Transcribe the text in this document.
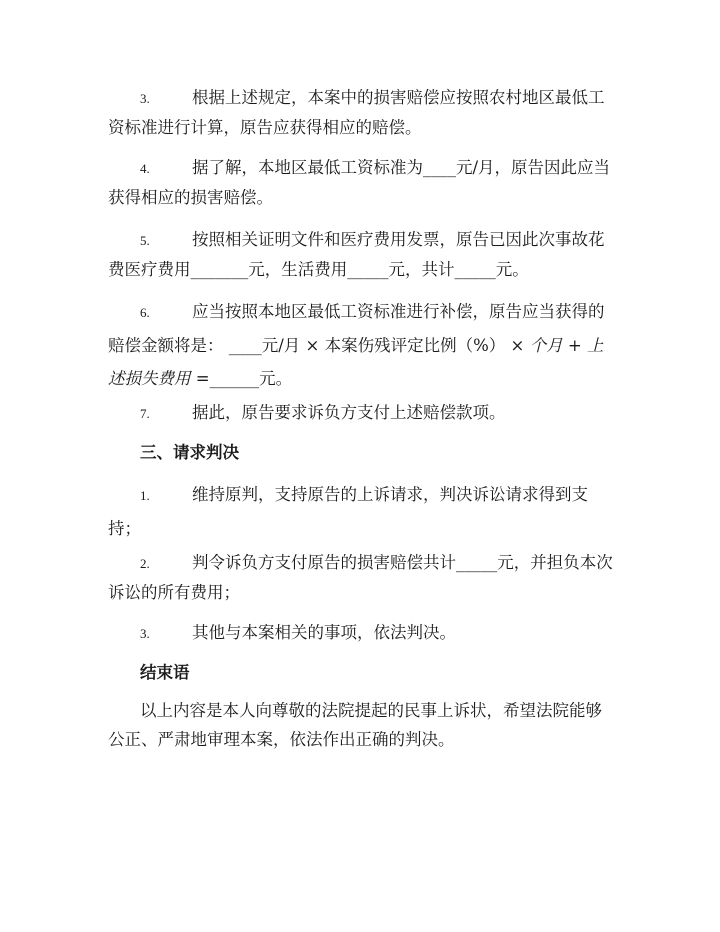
3.	根据上述规定，本案中的损害赔偿应按照农村地区最低工资标准进行计算，原告应获得相应的赔偿。

4.	据了解，本地区最低工资标准为____元/月，原告因此应当获得相应的损害赔偿。

5.	按照相关证明文件和医疗费用发票，原告已因此次事故花费医疗费用_______元，生活费用_____元，共计_____元。

6.	应当按照本地区最低工资标准进行补偿，原告应当获得的赔偿金额将是： ____元/月 × 本案伤残评定比例（%） × 个月 + 上述损失费用 =______元。

7.	据此，原告要求诉负方支付上述赔偿款项。

三、请求判决

1.	维持原判，支持原告的上诉请求，判决诉讼请求得到支持；

2.	判令诉负方支付原告的损害赔偿共计_____元，并担负本次诉讼的所有费用；

3.	其他与本案相关的事项，依法判决。

结束语

以上内容是本人向尊敬的法院提起的民事上诉状，希望法院能够公正、严肃地审理本案，依法作出正确的判决。
